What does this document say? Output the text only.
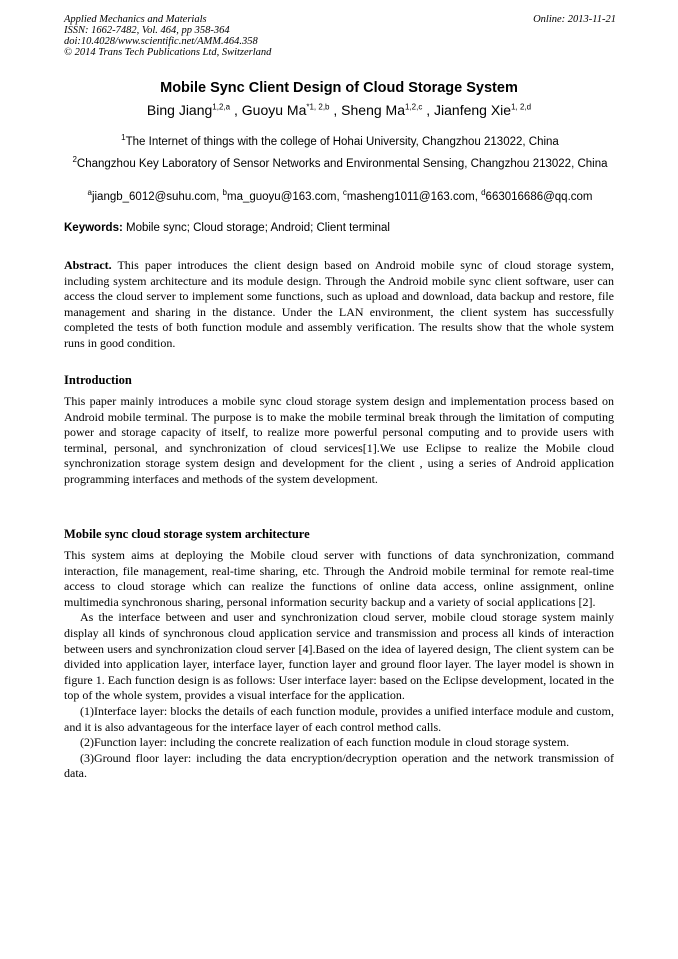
Applied Mechanics and Materials
ISSN: 1662-7482, Vol. 464, pp 358-364
doi:10.4028/www.scientific.net/AMM.464.358
© 2014 Trans Tech Publications Ltd, Switzerland
Online: 2013-11-21
Mobile Sync Client Design of Cloud Storage System
Bing Jiang$^{1,2,a}$ , Guoyu Ma$^{*1, 2,b}$ , Sheng Ma$^{1,2,c}$ , Jianfeng Xie$^{1, 2,d}$
$^1$The Internet of things with the college of Hohai University, Changzhou 213022, China
$^2$Changzhou Key Laboratory of Sensor Networks and Environmental Sensing, Changzhou 213022, China
$^a$jiangb_6012@suhu.com, $^b$ma_guoyu@163.com, $^c$masheng1011@163.com, $^d$663016686@qq.com
Keywords: Mobile sync; Cloud storage; Android; Client terminal

Abstract. This paper introduces the client design based on Android mobile sync of cloud storage system, including system architecture and its module design. Through the Android mobile sync client software, user can access the cloud server to implement some functions, such as upload and download, data backup and restore, file management and sharing in the distance. Under the LAN environment, the client system has successfully completed the tests of both function module and assembly verification. The results show that the whole system runs in good condition.

Introduction

This paper mainly introduces a mobile sync cloud storage system design and implementation process based on Android mobile terminal. The purpose is to make the mobile terminal break through the limitation of computing power and storage capacity of itself, to realize more powerful personal computing and to provide users with terminal, personal, and synchronization of cloud services[1].We use Eclipse to realize the Mobile cloud synchronization storage system design and development for the client , using a series of Android application programming interfaces and methods of the system development.

Mobile sync cloud storage system architecture

This system aims at deploying the Mobile cloud server with functions of data synchronization, command interaction, file management, real-time sharing, etc. Through the Android mobile terminal for remote real-time access to cloud storage which can realize the functions of online data access, online assignment, online multimedia synchronous sharing, personal information security backup and a variety of social applications [2].

As the interface between and user and synchronization cloud server, mobile cloud storage system mainly display all kinds of synchronous cloud application service and transmission and process all kinds of interaction between users and synchronization cloud server [4].Based on the idea of layered design, The client system can be divided into application layer, interface layer, function layer and ground floor layer. The layer model is shown in figure 1. Each function design is as follows: User interface layer: based on the Eclipse development, located in the top of the whole system, provides a visual interface for the application.

(1)Interface layer: blocks the details of each function module, provides a unified interface module and custom, and it is also advantageous for the interface layer of each control method calls.

(2)Function layer: including the concrete realization of each function module in cloud storage system.

(3)Ground floor layer: including the data encryption/decryption operation and the network transmission of data.
